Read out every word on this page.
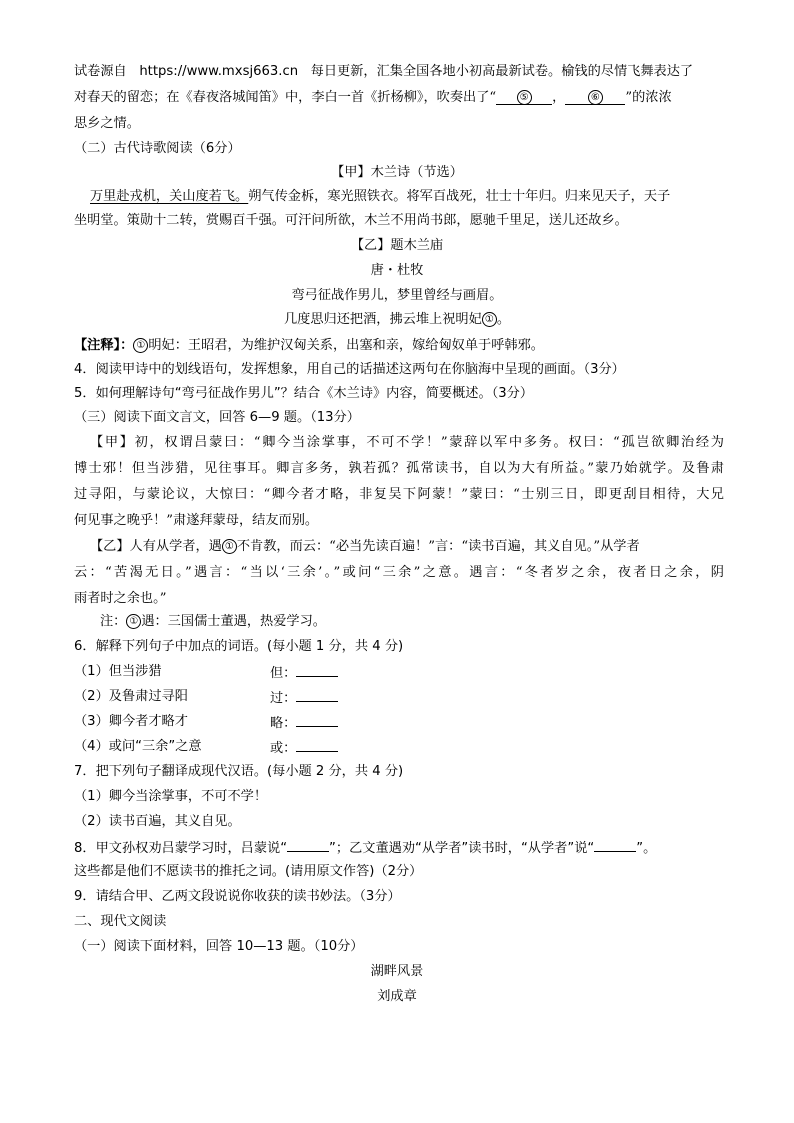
试卷源自 https://www.mxsj663.cn 每日更新，汇集全国各地小初高最新试卷。榆钱的尽情飞舞表达了
对春天的留恋；在《春夜洛城闻笛》中，李白一首《折杨柳》，吹奏出了“ ⑤ ，	⑥ ”的浓浓
思乡之情。
（二）古代诗歌阅读（6分）
【甲】木兰诗（节选）
万里赴戎机，关山度若飞。朔气传金柝，寒光照铁衣。将军百战死，壮士十年归。归来见天子，天子
坐明堂。策勋十二转，赏赐百千强。可汗问所欲，木兰不用尚书郎，愿驰千里足，送儿还故乡。
【乙】题木兰庙
唐・杜牧
弯弓征战作男儿，梦里曾经与画眉。
几度思归还把酒，拂云堆上祝明妃 ① 。
【注释】： ① 明妃：王昭君，为维护汉匈关系，出塞和亲，嫁给匈奴单于呼韩邪。
4．阅读甲诗中的划线语句，发挥想象，用自己的话描述这两句在你脑海中呈现的画面。（3分）
5．如何理解诗句“弯弓征战作男儿”？结合《木兰诗》内容，简要概述。（3分）
（三）阅读下面文言文，回答 6—9 题。（13分）
【甲】初，权谓吕蒙曰：“卿今当涂掌事，不可不学！”蒙辞以军中多务。权曰：“孤岂欲卿治经为
博士邪！但当涉猎，见往事耳。卿言多务，孰若孤？孤常读书，自以为大有所益。”蒙乃始就学。及鲁肃
过寻阳，与蒙论议，大惊曰：“卿今者才略，非复吴下阿蒙！”蒙曰：“士别三日，即更刮目相待，大兄
何见事之晚乎！”肃遂拜蒙母，结友而别。
【乙】人有从学者，遇 ① 不肯教，而云：“必当先读百遍！”言：“读书百遍，其义自见。”从学者
云：“苦渴无日。”遇言：“当以‘三余’。”或问“三余”之意。遇言：“冬者岁之余，夜者日之余，阴
雨者时之余也。”
注： ① 遇：三国儒士董遇，热爱学习。
6．解释下列句子中加点的词语。(每小题 1 分，共 4 分)
（1）但当涉猎	但：
（2）及鲁肃过寻阳	过：
（3）卿今者才略才	略：
（4）或问“三余”之意	或：
7．把下列句子翻译成现代汉语。(每小题 2 分，共 4 分)
（1）卿今当涂掌事，不可不学！
（2）读书百遍，其义自见。
8．甲文孙权劝吕蒙学习时，吕蒙说“	”；乙文董遇劝“从学者”读书时，“从学者”说“	”。
这些都是他们不愿读书的推托之词。(请用原文作答)（2分）
9．请结合甲、乙两文段说说你收获的读书妙法。（3分）
二、现代文阅读
（一）阅读下面材料，回答 10—13 题。（10分）
湖畔风景
刘成章
